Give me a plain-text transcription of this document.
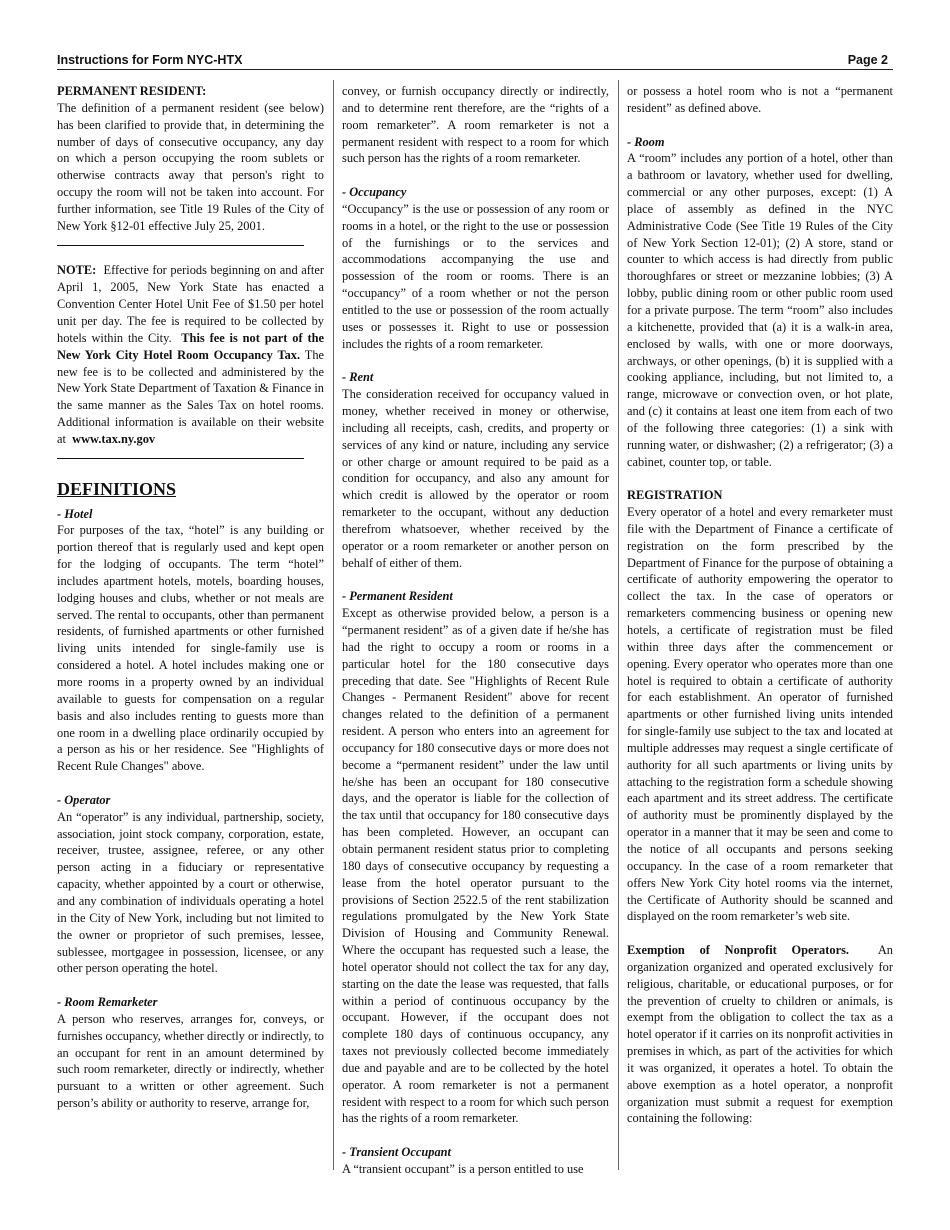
Instructions for Form NYC-HTX	Page 2

PERMANENT RESIDENT:

The definition of a permanent resident (see below) has been clarified to provide that, in determining the number of days of consecutive occupancy, any day on which a person occupying the room sublets or otherwise contracts away that person's right to occupy the room will not be taken into account. For further information, see Title 19 Rules of the City of New York §12-01 effective July 25, 2001.

NOTE: Effective for periods beginning on and after April 1, 2005, New York State has enacted a Convention Center Hotel Unit Fee of $1.50 per hotel unit per day. The fee is required to be collected by hotels within the City. This fee is not part of the New York City Hotel Room Occupancy Tax. The new fee is to be collected and administered by the New York State Department of Taxation & Finance in the same manner as the Sales Tax on hotel rooms. Additional information is available on their website at www.tax.ny.gov

DEFINITIONS

- Hotel

For purposes of the tax, “hotel” is any building or portion thereof that is regularly used and kept open for the lodging of occupants. The term “hotel” includes apartment hotels, motels, boarding houses, lodging houses and clubs, whether or not meals are served. The rental to occupants, other than permanent residents, of furnished apartments or other furnished living units intended for single-family use is considered a hotel. A hotel includes making one or more rooms in a property owned by an individual available to guests for compensation on a regular basis and also includes renting to guests more than one room in a dwelling place ordinarily occupied by a person as his or her residence. See "Highlights of Recent Rule Changes" above.

- Operator

An “operator” is any individual, partnership, society, association, joint stock company, corporation, estate, receiver, trustee, assignee, referee, or any other person acting in a fiduciary or representative capacity, whether appointed by a court or otherwise, and any combination of individuals operating a hotel in the City of New York, including but not limited to the owner or proprietor of such premises, lessee, sublessee, mortgagee in possession, licensee, or any other person operating the hotel.

- Room Remarketer

A person who reserves, arranges for, conveys, or furnishes occupancy, whether directly or indirectly, to an occupant for rent in an amount determined by such room remarketer, directly or indirectly, whether pursuant to a written or other agreement. Such person’s ability or authority to reserve, arrange for,

convey, or furnish occupancy directly or indirectly, and to determine rent therefore, are the “rights of a room remarketer”. A room remarketer is not a permanent resident with respect to a room for which such person has the rights of a room remarketer.

- Occupancy

“Occupancy” is the use or possession of any room or rooms in a hotel, or the right to the use or possession of the furnishings or to the services and accommodations accompanying the use and possession of the room or rooms. There is an “occupancy” of a room whether or not the person entitled to the use or possession of the room actually uses or possesses it. Right to use or possession includes the rights of a room remarketer.

- Rent

The consideration received for occupancy valued in money, whether received in money or otherwise, including all receipts, cash, credits, and property or services of any kind or nature, including any service or other charge or amount required to be paid as a condition for occupancy, and also any amount for which credit is allowed by the operator or room remarketer to the occupant, without any deduction therefrom whatsoever, whether received by the operator or a room remarketer or another person on behalf of either of them.

- Permanent Resident

Except as otherwise provided below, a person is a “permanent resident” as of a given date if he/she has had the right to occupy a room or rooms in a particular hotel for the 180 consecutive days preceding that date. See "Highlights of Recent Rule Changes - Permanent Resident" above for recent changes related to the definition of a permanent resident. A person who enters into an agreement for occupancy for 180 consecutive days or more does not become a “permanent resident” under the law until he/she has been an occupant for 180 consecutive days, and the operator is liable for the collection of the tax until that occupancy for 180 consecutive days has been completed. However, an occupant can obtain permanent resident status prior to completing 180 days of consecutive occupancy by requesting a lease from the hotel operator pursuant to the provisions of Section 2522.5 of the rent stabilization regulations promulgated by the New York State Division of Housing and Community Renewal. Where the occupant has requested such a lease, the hotel operator should not collect the tax for any day, starting on the date the lease was requested, that falls within a period of continuous occupancy by the occupant. However, if the occupant does not complete 180 days of continuous occupancy, any taxes not previously collected become immediately due and payable and are to be collected by the hotel operator. A room remarketer is not a permanent resident with respect to a room for which such person has the rights of a room remarketer.

- Transient Occupant

A “transient occupant” is a person entitled to use

or possess a hotel room who is not a “permanent resident” as defined above.

- Room

A “room” includes any portion of a hotel, other than a bathroom or lavatory, whether used for dwelling, commercial or any other purposes, except: (1) A place of assembly as defined in the NYC Administrative Code (See Title 19 Rules of the City of New York Section 12-01); (2) A store, stand or counter to which access is had directly from public thoroughfares or street or mezzanine lobbies; (3) A lobby, public dining room or other public room used for a private purpose. The term “room” also includes a kitchenette, provided that (a) it is a walk-in area, enclosed by walls, with one or more doorways, archways, or other openings, (b) it is supplied with a cooking appliance, including, but not limited to, a range, microwave or convection oven, or hot plate, and (c) it contains at least one item from each of two of the following three categories: (1) a sink with running water, or dishwasher; (2) a refrigerator; (3) a cabinet, counter top, or table.

REGISTRATION

Every operator of a hotel and every remarketer must file with the Department of Finance a certificate of registration on the form prescribed by the Department of Finance for the purpose of obtaining a certificate of authority empowering the operator to collect the tax. In the case of operators or remarketers commencing business or opening new hotels, a certificate of registration must be filed within three days after the commencement or opening. Every operator who operates more than one hotel is required to obtain a certificate of authority for each establishment. An operator of furnished apartments or other furnished living units intended for single-family use subject to the tax and located at multiple addresses may request a single certificate of authority for all such apartments or living units by attaching to the registration form a schedule showing each apartment and its street address. The certificate of authority must be prominently displayed by the operator in a manner that it may be seen and come to the notice of all occupants and persons seeking occupancy. In the case of a room remarketer that offers New York City hotel rooms via the internet, the Certificate of Authority should be scanned and displayed on the room remarketer’s web site.

Exemption of Nonprofit Operators. An organization organized and operated exclusively for religious, charitable, or educational purposes, or for the prevention of cruelty to children or animals, is exempt from the obligation to collect the tax as a hotel operator if it carries on its nonprofit activities in premises in which, as part of the activities for which it was organized, it operates a hotel. To obtain the above exemption as a hotel operator, a nonprofit organization must submit a request for exemption containing the following:
